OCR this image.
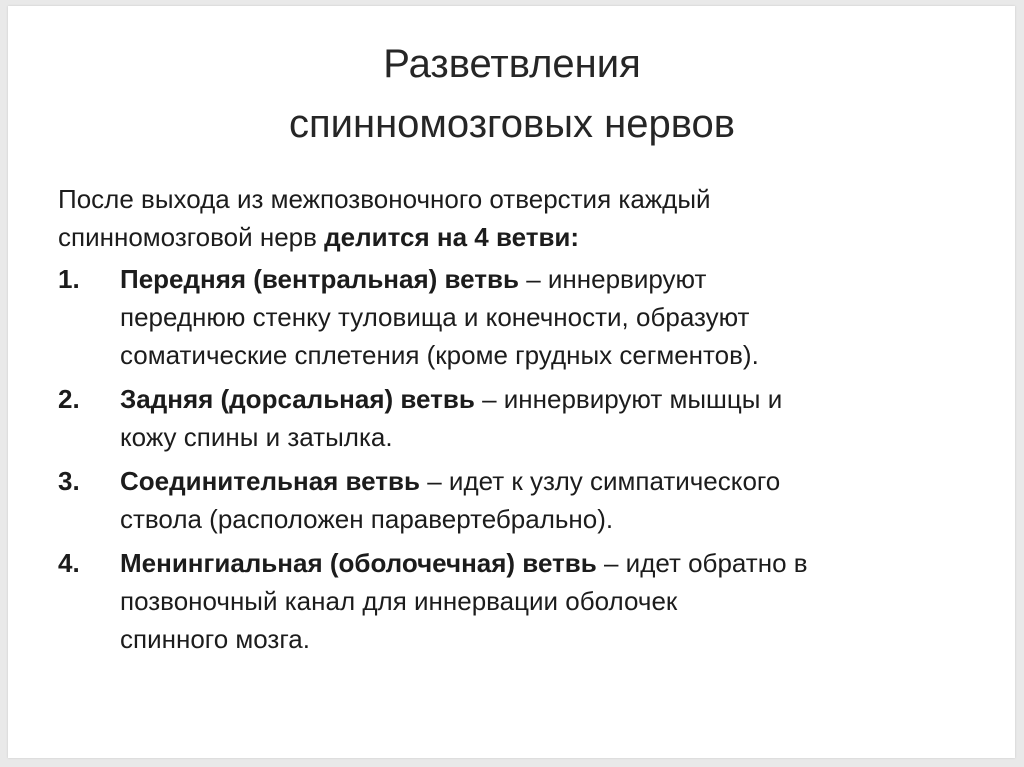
Разветвления
спинномозговых нервов
После выхода из межпозвоночного отверстия каждый
спинномозговой нерв делится на 4 ветви:
1. Передняя (вентральная) ветвь – иннервируют
переднюю стенку туловища и конечности, образуют
соматические сплетения (кроме грудных сегментов).
2. Задняя (дорсальная) ветвь – иннервируют мышцы и
кожу спины и затылка.
3. Соединительная ветвь – идет к узлу симпатического
ствола (расположен паравертебрально).
4. Менингиальная (оболочечная) ветвь – идет обратно в
позвоночный канал для иннервации оболочек
спинного мозга.
